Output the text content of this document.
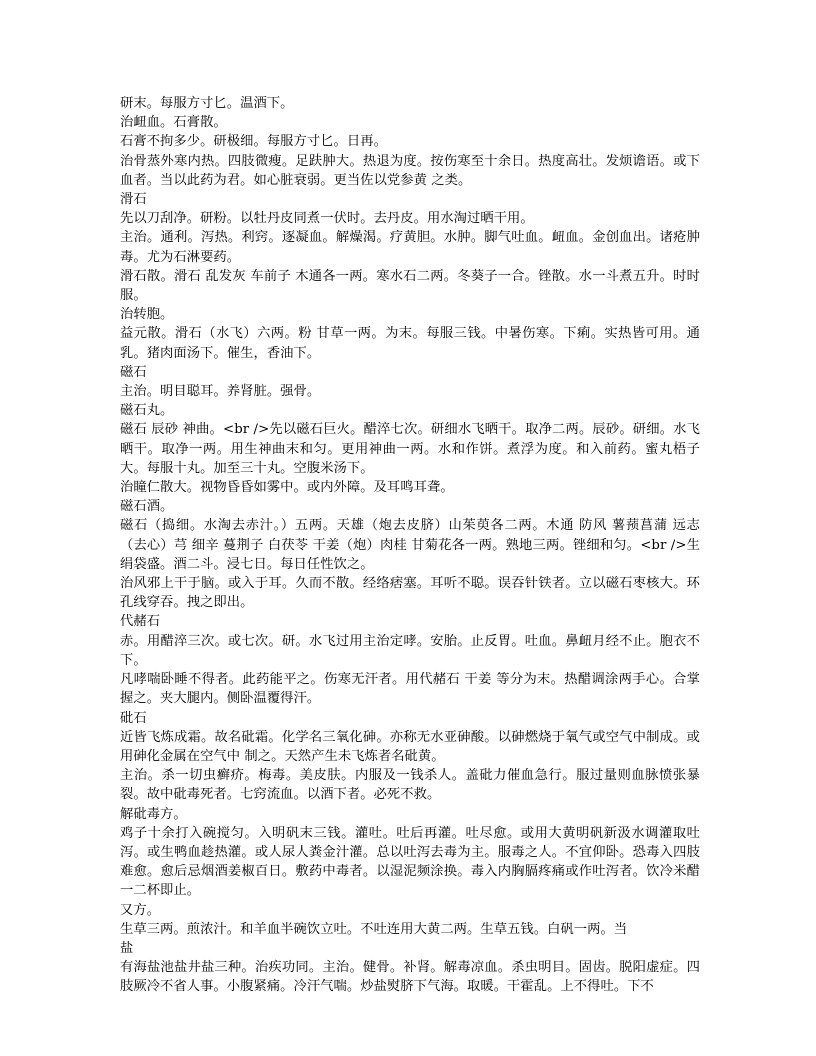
研末。每服方寸匕。温酒下。

治衄血。石膏散。

石膏不拘多少。研极细。每服方寸匕。日再。

治骨蒸外寒内热。四肢微瘦。足趺肿大。热退为度。按伤寒至十余日。热度高壮。发烦谵语。或下血者。当以此药为君。如心脏衰弱。更当佐以党参黄 之类。

滑石

先以刀刮净。研粉。以牡丹皮同煮一伏时。去丹皮。用水淘过晒干用。

主治。通利。泻热。利窍。逐凝血。解燥渴。疗黄胆。水肿。脚气吐血。衄血。金创血出。诸疮肿毒。尤为石淋要药。

滑石散。滑石 乱发灰 车前子 木通各一两。寒水石二两。冬葵子一合。锉散。水一斗煮五升。时时服。

治转胞。

益元散。滑石（水飞）六两。粉 甘草一两。为末。每服三钱。中暑伤寒。下痢。实热皆可用。通乳。猪肉面汤下。催生，香油下。

磁石

主治。明目聪耳。养肾脏。强骨。

磁石丸。

磁石 辰砂 神曲。<br />先以磁石巨火。醋淬七次。研细水飞晒干。取净二两。辰砂。研细。水飞晒干。取净一两。用生神曲末和匀。更用神曲一两。水和作饼。煮浮为度。和入前药。蜜丸梧子大。每服十丸。加至三十丸。空腹米汤下。

治瞳仁散大。视物昏昏如雾中。或内外障。及耳鸣耳聋。

磁石酒。

磁石（捣细。水淘去赤汁。）五两。天雄（炮去皮脐）山茱萸各二两。木通 防风 薯蓣菖蒲 远志（去心）芎 细辛 蔓荆子 白茯苓 干姜（炮）肉桂 甘菊花各一两。熟地三两。锉细和匀。<br />生绢袋盛。酒二斗。浸七日。每日任性饮之。

治风邪上干于脑。或入于耳。久而不散。经络痞塞。耳听不聪。误吞针铁者。立以磁石枣核大。环孔线穿吞。拽之即出。

代赭石

赤。用醋淬三次。或七次。研。水飞过用主治定哮。安胎。止反胃。吐血。鼻衄月经不止。胞衣不下。

凡哮喘卧睡不得者。此药能平之。伤寒无汗者。用代赭石 干姜 等分为末。热醋调涂两手心。合掌握之。夹大腿内。侧卧温覆得汗。

砒石

近皆飞炼成霜。故名砒霜。化学名三氧化砷。亦称无水亚砷酸。以砷燃烧于氧气或空气中制成。或用砷化金属在空气中 制之。天然产生未飞炼者名砒黄。

主治。杀一切虫癣疥。梅毒。美皮肤。内服及一钱杀人。盖砒力催血急行。服过量则血脉愤张暴裂。故中砒毒死者。七窍流血。以酒下者。必死不救。

解砒毒方。

鸡子十余打入碗搅匀。入明矾末三钱。灌吐。吐后再灌。吐尽愈。或用大黄明矾新汲水调灌取吐泻。或生鸭血趁热灌。或人尿人粪金汁灌。总以吐泻去毒为主。服毒之人。不宜仰卧。恐毒入四肢难愈。愈后忌烟酒姜椒百日。敷药中毒者。以湿泥频涂换。毒入内胸膈疼痛或作吐泻者。饮冷米醋一二杯即止。

又方。

生草三两。煎浓汁。和羊血半碗饮立吐。不吐连用大黄二两。生草五钱。白矾一两。当

盐

有海盐池盐井盐三种。治疾功同。主治。健骨。补肾。解毒凉血。杀虫明目。固齿。脱阳虚症。四肢厥冷不省人事。小腹紧痛。冷汗气喘。炒盐熨脐下气海。取暖。干霍乱。上不得吐。下不
